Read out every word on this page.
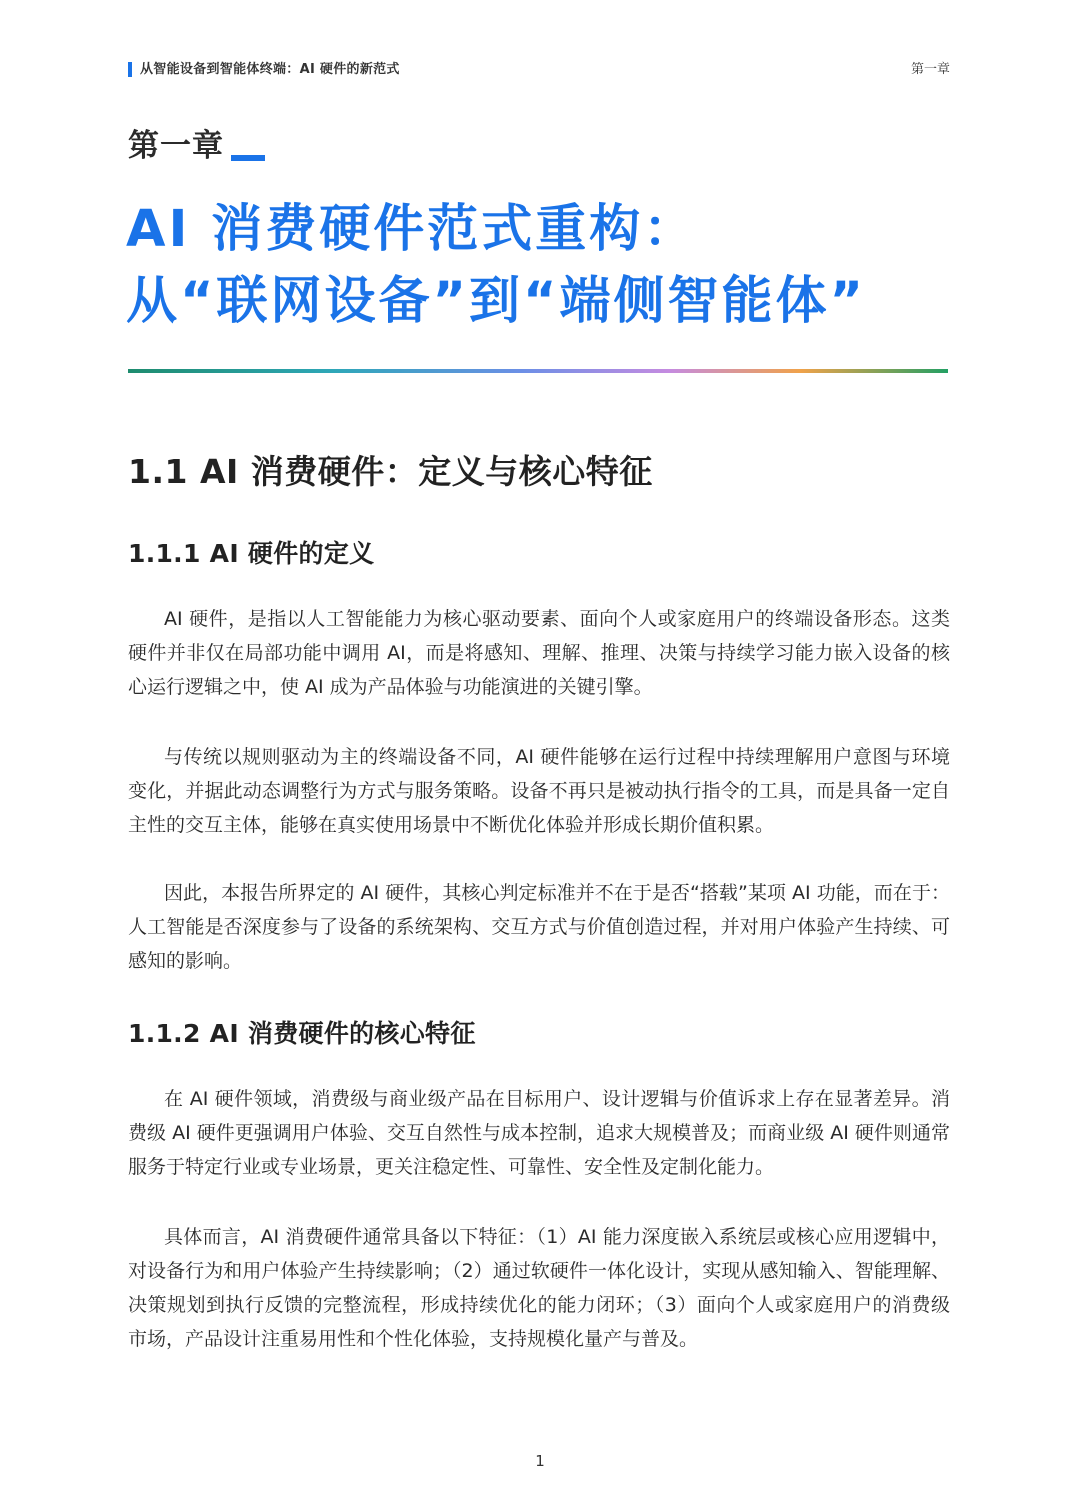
从智能设备到智能体终端：AI 硬件的新范式	第一章
第一章
AI 消费硬件范式重构：
从“联网设备”到“端侧智能体”
1.1 AI 消费硬件：定义与核心特征
1.1.1 AI 硬件的定义
AI 硬件，是指以人工智能能力为核心驱动要素、面向个人或家庭用户的终端设备形态。这类
硬件并非仅在局部功能中调用 AI，而是将感知、理解、推理、决策与持续学习能力嵌入设备的核
心运行逻辑之中，使 AI 成为产品体验与功能演进的关键引擎。
与传统以规则驱动为主的终端设备不同，AI 硬件能够在运行过程中持续理解用户意图与环境
变化，并据此动态调整行为方式与服务策略。设备不再只是被动执行指令的工具，而是具备一定自
主性的交互主体，能够在真实使用场景中不断优化体验并形成长期价值积累。
因此，本报告所界定的 AI 硬件，其核心判定标准并不在于是否“搭载”某项 AI 功能，而在于：
人工智能是否深度参与了设备的系统架构、交互方式与价值创造过程，并对用户体验产生持续、可
感知的影响。
1.1.2 AI 消费硬件的核心特征
在 AI 硬件领域，消费级与商业级产品在目标用户、设计逻辑与价值诉求上存在显著差异。消
费级 AI 硬件更强调用户体验、交互自然性与成本控制，追求大规模普及；而商业级 AI 硬件则通常
服务于特定行业或专业场景，更关注稳定性、可靠性、安全性及定制化能力。
具体而言，AI 消费硬件通常具备以下特征：（1）AI 能力深度嵌入系统层或核心应用逻辑中，
对设备行为和用户体验产生持续影响；（2）通过软硬件一体化设计，实现从感知输入、智能理解、
决策规划到执行反馈的完整流程，形成持续优化的能力闭环；（3）面向个人或家庭用户的消费级
市场，产品设计注重易用性和个性化体验，支持规模化量产与普及。
1
